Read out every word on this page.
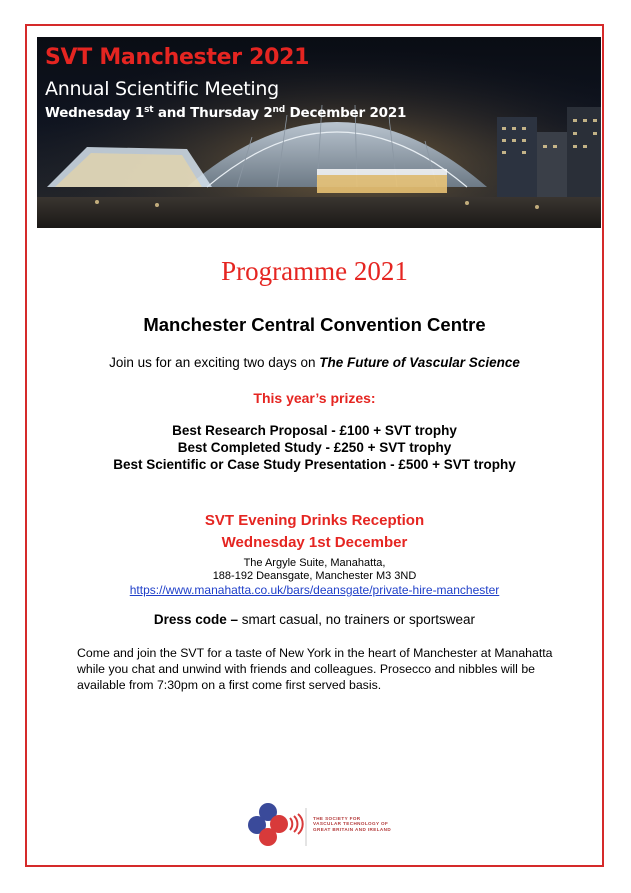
SVT Manchester 2021
Annual Scientific Meeting
Wednesday 1st and Thursday 2nd December 2021
Programme 2021
Manchester Central Convention Centre
Join us for an exciting two days on The Future of Vascular Science
This year’s prizes:
Best Research Proposal - £100 + SVT trophy
Best Completed Study - £250 + SVT trophy
Best Scientific or Case Study Presentation - £500 + SVT trophy
SVT Evening Drinks Reception
Wednesday 1st December
The Argyle Suite, Manahatta,
188-192 Deansgate, Manchester M3 3ND
https://www.manahatta.co.uk/bars/deansgate/private-hire-manchester
Dress code – smart casual, no trainers or sportswear
Come and join the SVT for a taste of New York in the heart of Manchester at Manahatta while you chat and unwind with friends and colleagues. Prosecco and nibbles will be available from 7:30pm on a first come first served basis.
THE SOCIETY FOR
VASCULAR TECHNOLOGY OF
GREAT BRITAIN AND IRELAND
